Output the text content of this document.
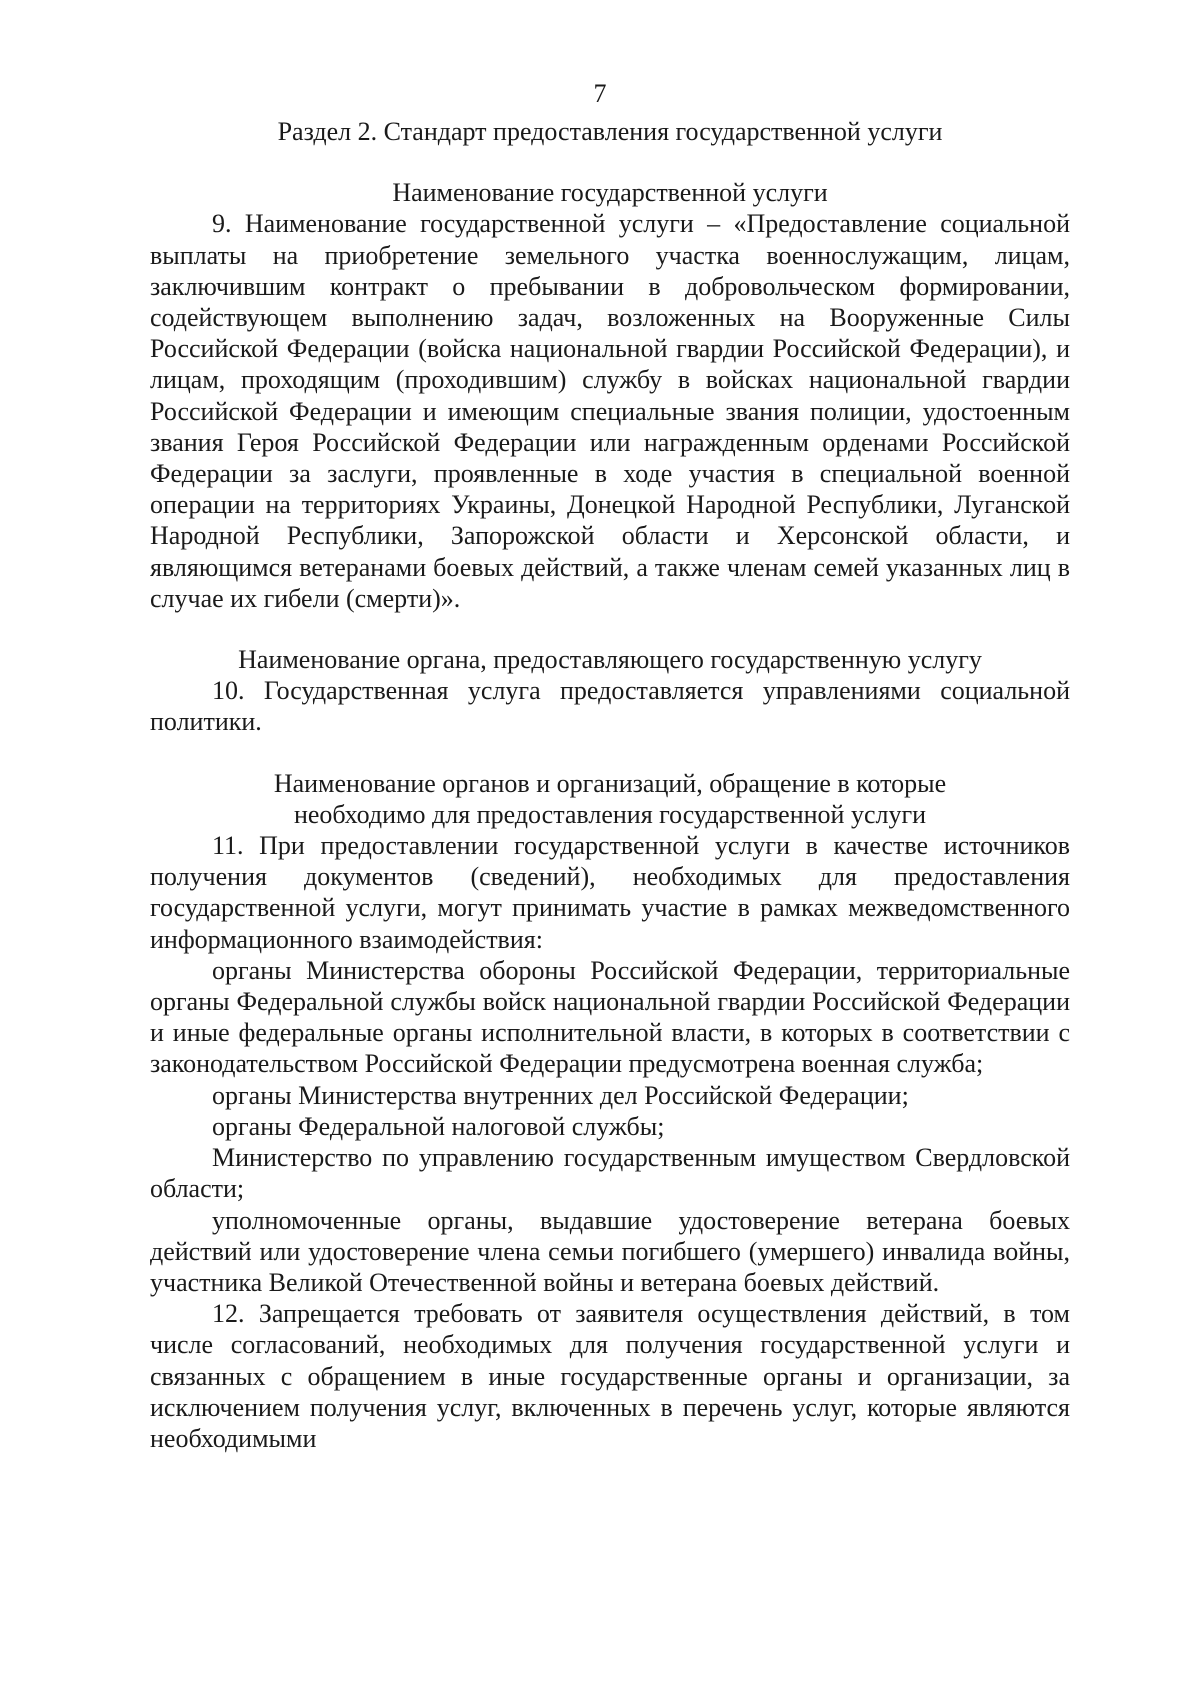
7

Раздел 2. Стандарт предоставления государственной услуги

Наименование государственной услуги

9. Наименование государственной услуги – «Предоставление социальной выплаты на приобретение земельного участка военнослужащим, лицам, заключившим контракт о пребывании в добровольческом формировании, содействующем выполнению задач, возложенных на Вооруженные Силы Российской Федерации (войска национальной гвардии Российской Федерации), и лицам, проходящим (проходившим) службу в войсках национальной гвардии Российской Федерации и имеющим специальные звания полиции, удостоенным звания Героя Российской Федерации или награжденным орденами Российской Федерации за заслуги, проявленные в ходе участия в специальной военной операции на территориях Украины, Донецкой Народной Республики, Луганской Народной Республики, Запорожской области и Херсонской области, и являющимся ветеранами боевых действий, а также членам семей указанных лиц в случае их гибели (смерти)».

Наименование органа, предоставляющего государственную услугу

10. Государственная услуга предоставляется управлениями социальной политики.

Наименование органов и организаций, обращение в которые
необходимо для предоставления государственной услуги

11. При предоставлении государственной услуги в качестве источников получения документов (сведений), необходимых для предоставления государственной услуги, могут принимать участие в рамках межведомственного информационного взаимодействия:

органы Министерства обороны Российской Федерации, территориальные органы Федеральной службы войск национальной гвардии Российской Федерации и иные федеральные органы исполнительной власти, в которых в соответствии с законодательством Российской Федерации предусмотрена военная служба;

органы Министерства внутренних дел Российской Федерации;

органы Федеральной налоговой службы;

Министерство по управлению государственным имуществом Свердловской области;

уполномоченные органы, выдавшие удостоверение ветерана боевых действий или удостоверение члена семьи погибшего (умершего) инвалида войны, участника Великой Отечественной войны и ветерана боевых действий.

12. Запрещается требовать от заявителя осуществления действий, в том числе согласований, необходимых для получения государственной услуги и связанных с обращением в иные государственные органы и организации, за исключением получения услуг, включенных в перечень услуг, которые являются необходимыми
